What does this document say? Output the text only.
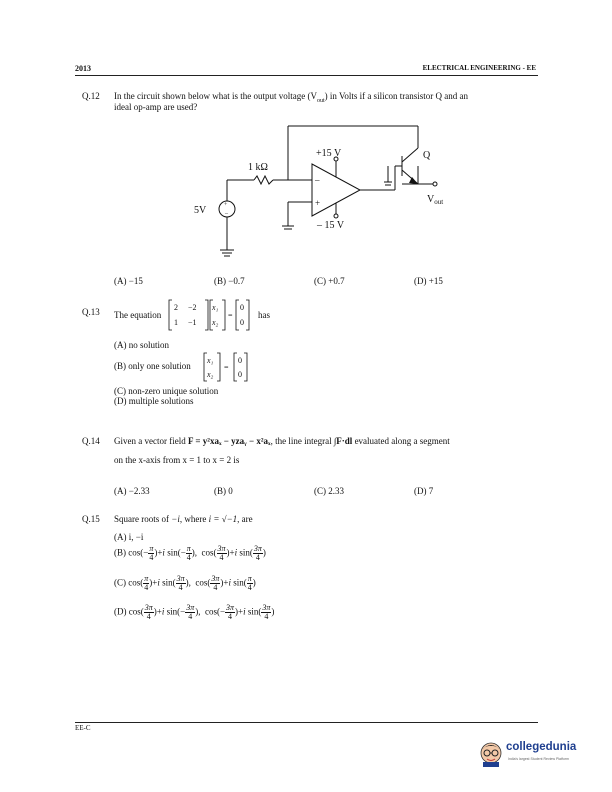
2013	ELECTRICAL ENGINEERING - EE
Q.12 In the circuit shown below what is the output voltage $(V_{out})$ in Volts if a silicon transistor Q and an
ideal op-amp are used?
+15 V
– 15 V
1 kΩ
5V
Q
$V_{out}$
–
+
+
–
(A) −15	(B) −0.7	(C) +0.7	(D) +15
Q.13 The equation
2 −2
1 −1
x₁
x₂
=
0
0
has
(A) no solution
(B) only one solution
x₁
x₂
=
0
0
(C) non-zero unique solution
(D) multiple solutions
Q.14 Given a vector field F = y²xaₓ − yzaᵧ − x²aₓ, the line integral ∫F·dl evaluated along a segment
on the x-axis from x = 1 to x = 2 is
(A) −2.33	(B) 0	(C) 2.33	(D) 7
Q.15 Square roots of −i, where i = √−1, are
(A) i, −i
(B) $\cos(- \frac{\pi}{4} )+i$ $\sin(- \frac{\pi}{4}$ ),  $\cos( \frac{3\pi}{4} )+i$ $\sin( \frac{3\pi}{4}$ )
(C) $\cos( \frac{\pi}{4} )+i$ $\sin( \frac{3\pi}{4}$ ),  $\cos( \frac{3\pi}{4} )+i$ $\sin( \frac{\pi}{4}$ )
(D) $\cos( \frac{3\pi}{4} )+i$ $\sin(- \frac{3\pi}{4}$ ),  $\cos(- \frac{3\pi}{4} )+i$ $\sin( \frac{3\pi}{4}$ )
EE-C
collegedunia
India's largest Student Review Platform
